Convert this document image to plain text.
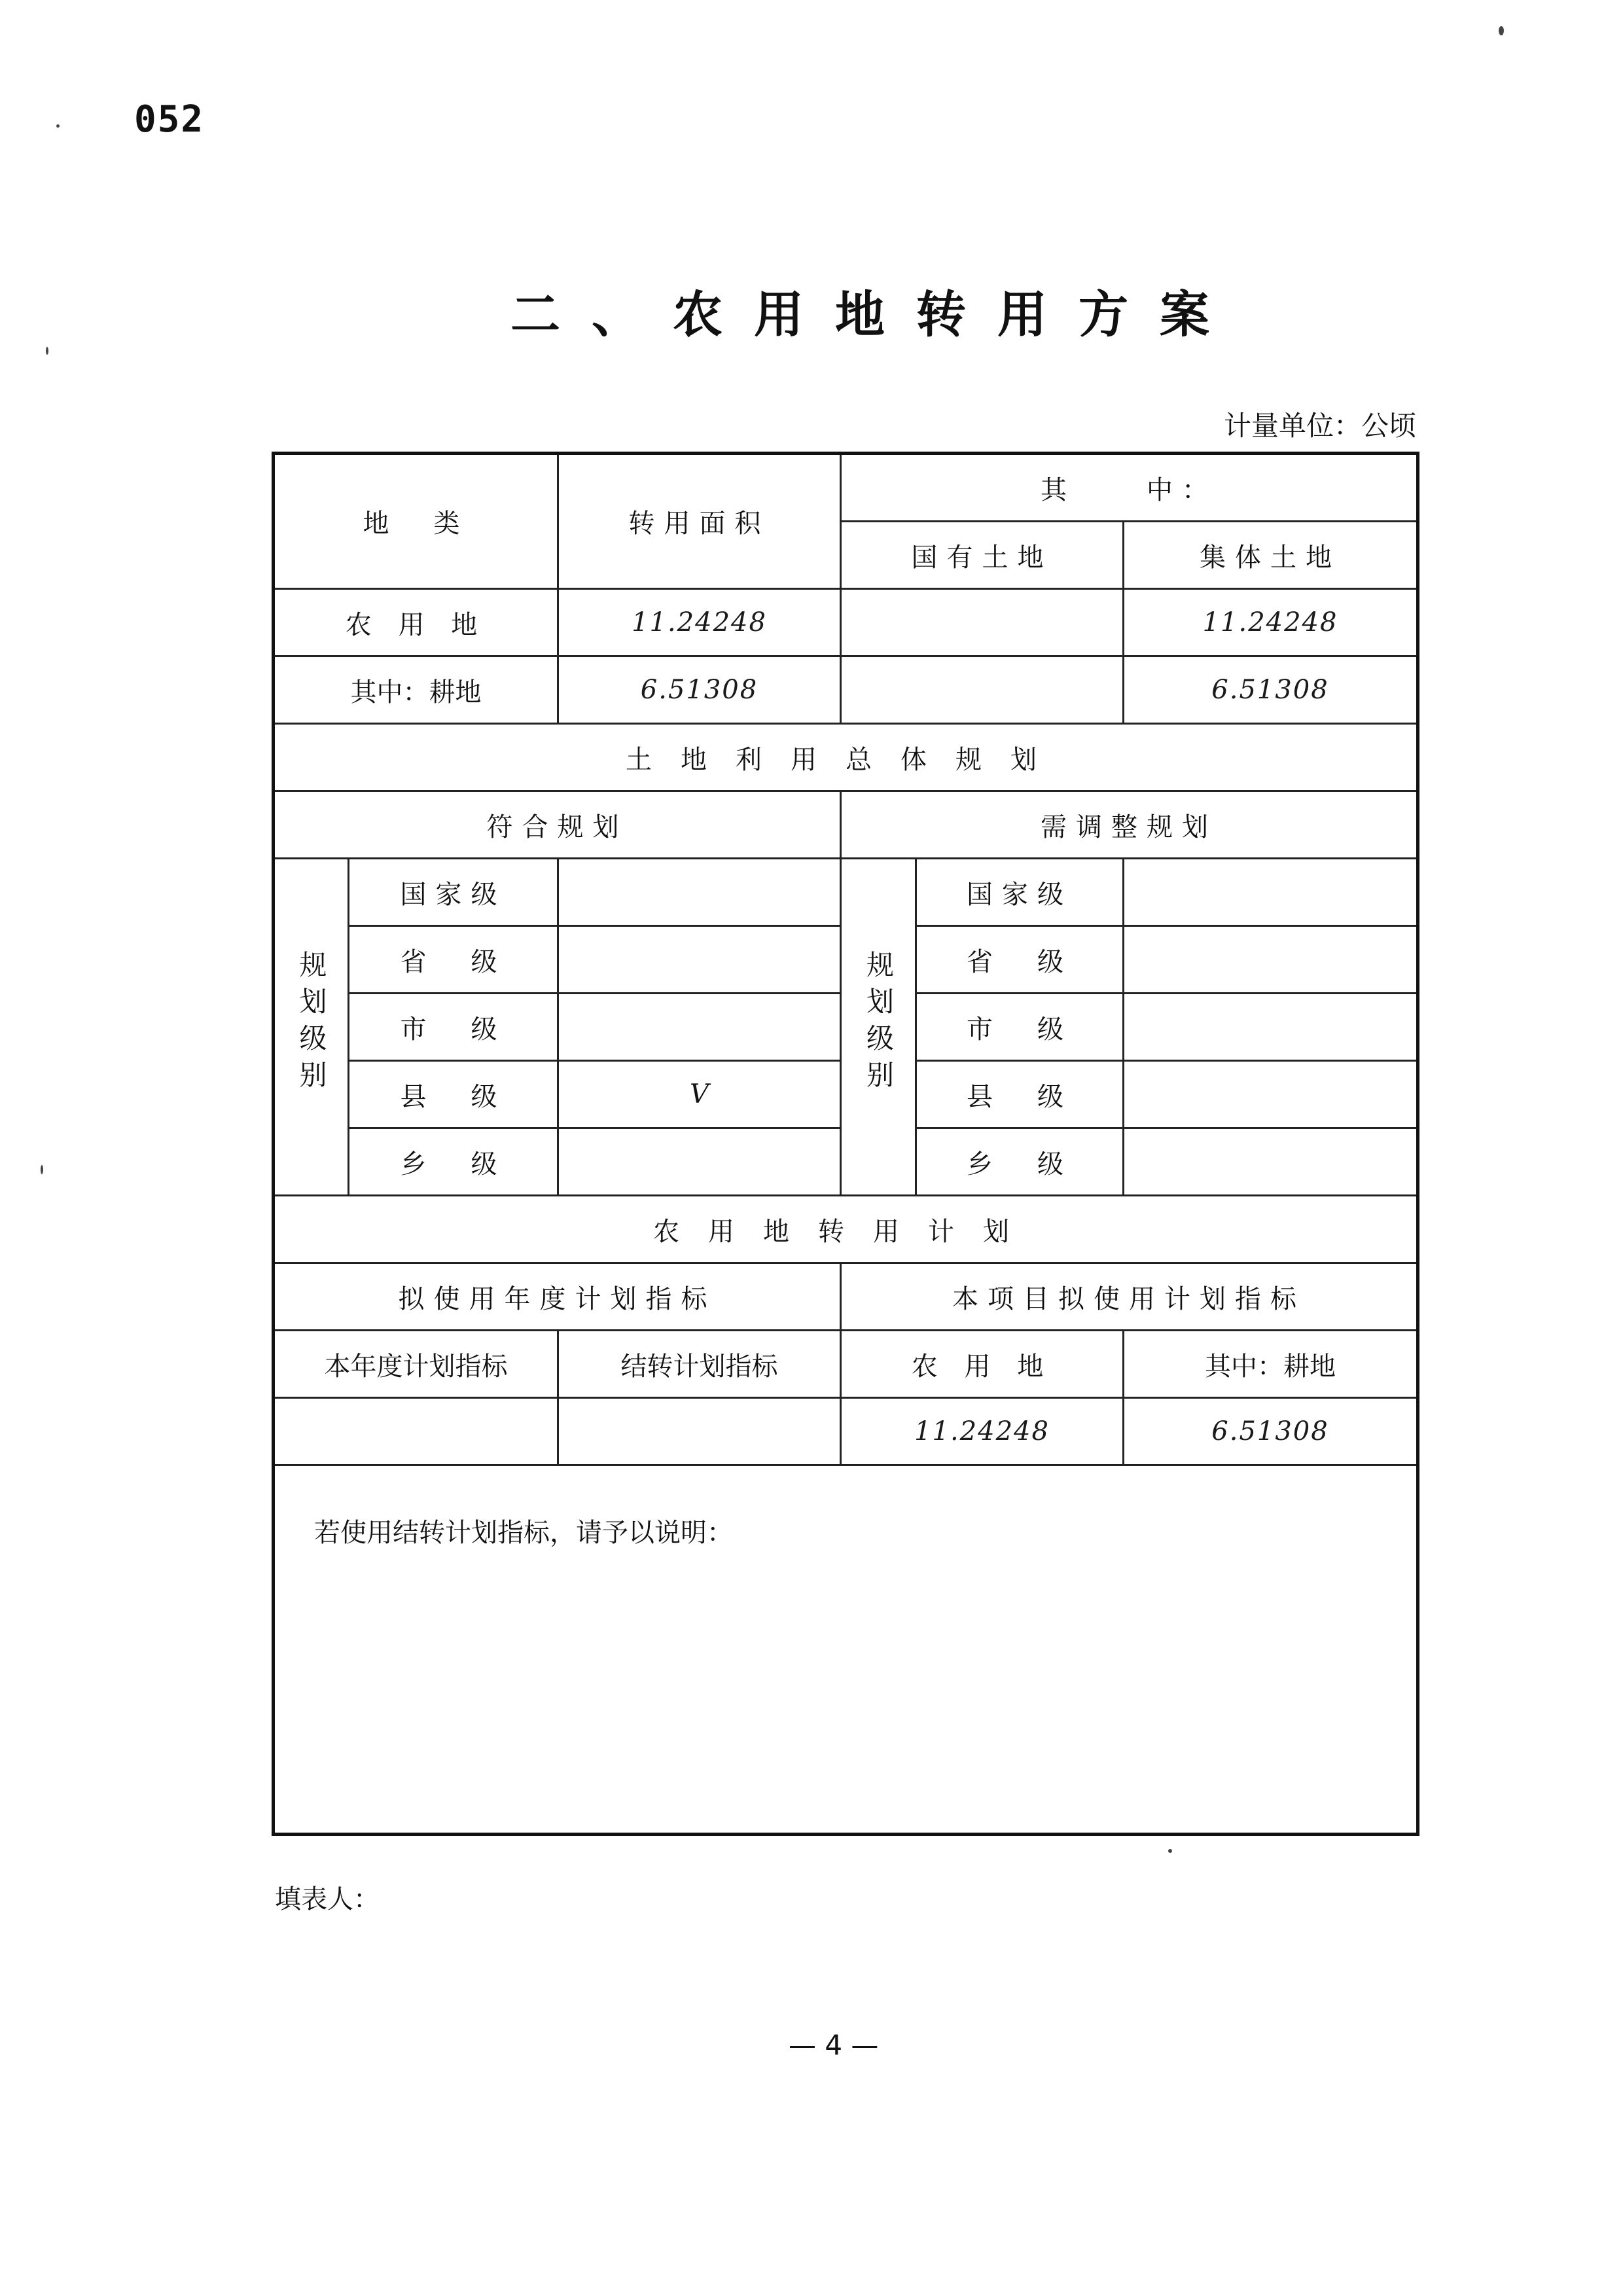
052
二、农用地转用方案
计量单位：公顷
地　类		转用面积	其　　中：		
			国有土地		集体土地
农 用 地		11.24248			11.24248
其中：耕地		6.51308			6.51308
土地利用总体规划					
符合规划			需调整规划		
规划级别	国家级		规划级别	国家级	
	省　级			省　级	
	市　级			市　级	
	县　级	V		县　级	
	乡　级			乡　级	
农用地转用计划					
拟使用年度计划指标			本项目拟使用计划指标		
本年度计划指标		结转计划指标	农 用 地		其中：耕地
			11.24248		6.51308

若使用结转计划指标，请予以说明：					
填表人：
— 4 —
